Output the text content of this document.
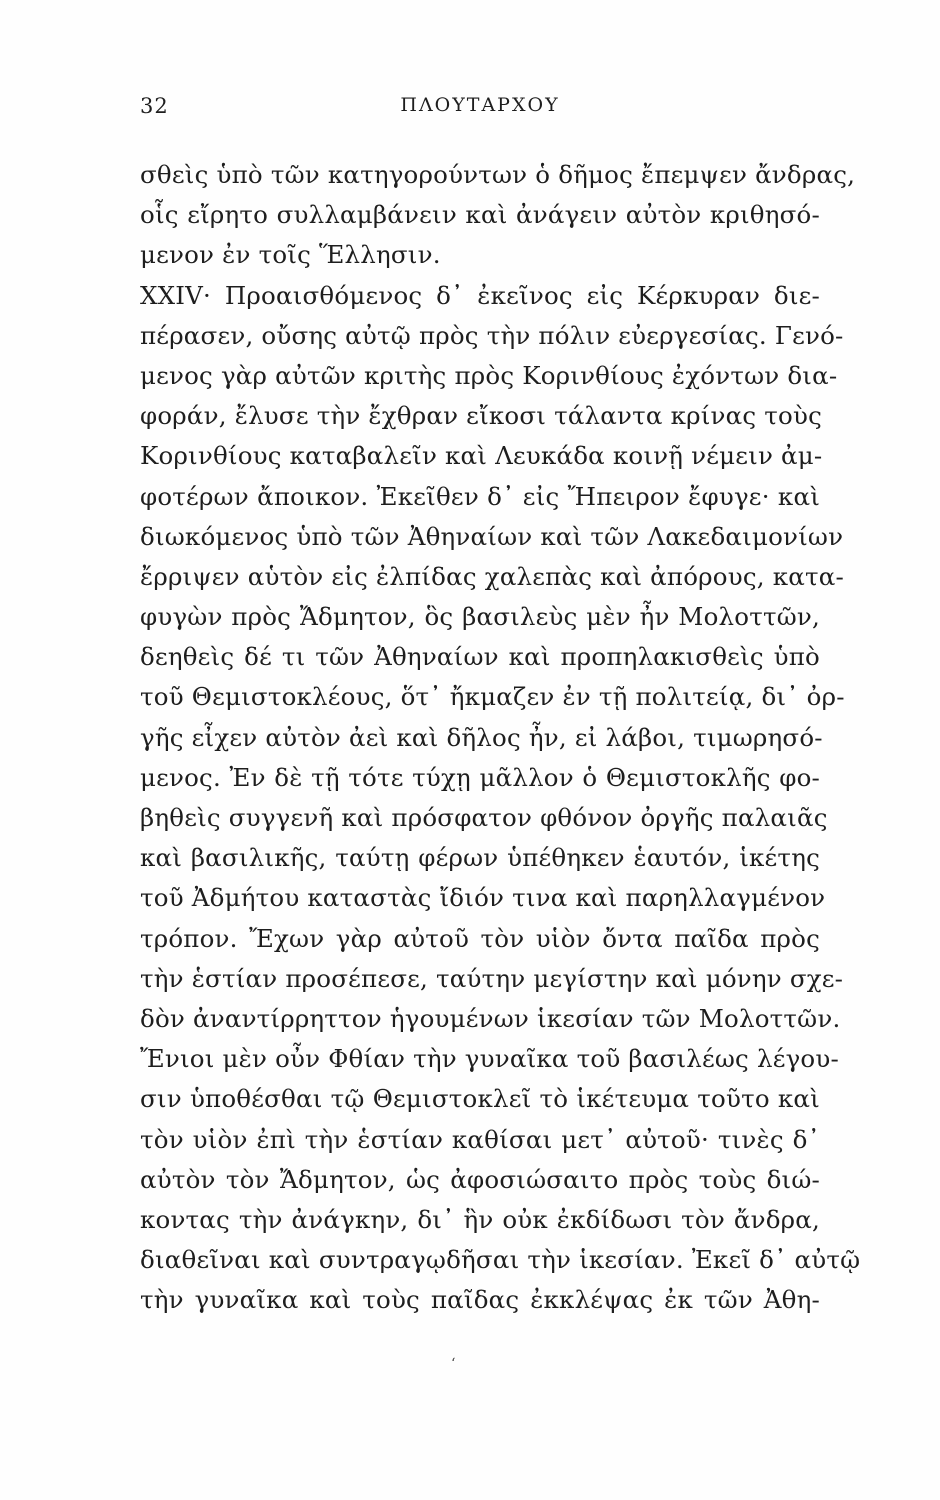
32	ΠΛΟΥΤΑΡΧΟΥ
σθεὶς ὑπὸ τῶν κατηγορούντων ὁ δῆμος ἔπεμψεν ἄνδρας,
οἷς εἴρητο συλλαμβάνειν καὶ ἀνάγειν αὐτὸν κριθησό-
μενον ἐν τοῖς Ἕλλησιν.
XXIV· Προαισθόμενος δ᾽ ἐκεῖνος εἰς Κέρκυραν διε-
πέρασεν, οὔσης αὐτῷ πρὸς τὴν πόλιν εὐεργεσίας. Γενό-
μενος γὰρ αὐτῶν κριτὴς πρὸς Κορινθίους ἐχόντων δια-
φοράν, ἔλυσε τὴν ἔχθραν εἴκοσι τάλαντα κρίνας τοὺς
Κορινθίους καταβαλεῖν καὶ Λευκάδα κοινῇ νέμειν ἀμ-
φοτέρων ἄποικον. Ἐκεῖθεν δ᾽ εἰς Ἤπειρον ἔφυγε· καὶ
διωκόμενος ὑπὸ τῶν Ἀθηναίων καὶ τῶν Λακεδαιμονίων
ἔρριψεν αὑτὸν εἰς ἐλπίδας χαλεπὰς καὶ ἀπόρους, κατα-
φυγὼν πρὸς Ἄδμητον, ὃς βασιλεὺς μὲν ἦν Μολοττῶν,
δεηθεὶς δέ τι τῶν Ἀθηναίων καὶ προπηλακισθεὶς ὑπὸ
τοῦ Θεμιστοκλέους, ὅτ᾽ ἤκμαζεν ἐν τῇ πολιτείᾳ, δι᾽ ὀρ-
γῆς εἶχεν αὐτὸν ἀεὶ καὶ δῆλος ἦν, εἰ λάβοι, τιμωρησό-
μενος. Ἐν δὲ τῇ τότε τύχῃ μᾶλλον ὁ Θεμιστοκλῆς φο-
βηθεὶς συγγενῆ καὶ πρόσφατον φθόνον ὀργῆς παλαιᾶς
καὶ βασιλικῆς, ταύτῃ φέρων ὑπέθηκεν ἑαυτόν, ἱκέτης
τοῦ Ἀδμήτου καταστὰς ἴδιόν τινα καὶ παρηλλαγμένον
τρόπον. Ἔχων γὰρ αὐτοῦ τὸν υἱὸν ὄντα παῖδα πρὸς
τὴν ἑστίαν προσέπεσε, ταύτην μεγίστην καὶ μόνην σχε-
δὸν ἀναντίρρηττον ἡγουμένων ἱκεσίαν τῶν Μολοττῶν.
Ἔνιοι μὲν οὖν Φθίαν τὴν γυναῖκα τοῦ βασιλέως λέγου-
σιν ὑποθέσθαι τῷ Θεμιστοκλεῖ τὸ ἱκέτευμα τοῦτο καὶ
τὸν υἱὸν ἐπὶ τὴν ἑστίαν καθίσαι μετ᾽ αὐτοῦ· τινὲς δ᾽
αὐτὸν τὸν Ἄδμητον, ὡς ἀφοσιώσαιτο πρὸς τοὺς διώ-
κοντας τὴν ἀνάγκην, δι᾽ ἣν οὐκ ἐκδίδωσι τὸν ἄνδρα,
διαθεῖναι καὶ συντραγῳδῆσαι τὴν ἱκεσίαν. Ἐκεῖ δ᾽ αὐτῷ
τὴν γυναῖκα καὶ τοὺς παῖδας ἐκκλέψας ἐκ τῶν Ἀθη-
ʻ
